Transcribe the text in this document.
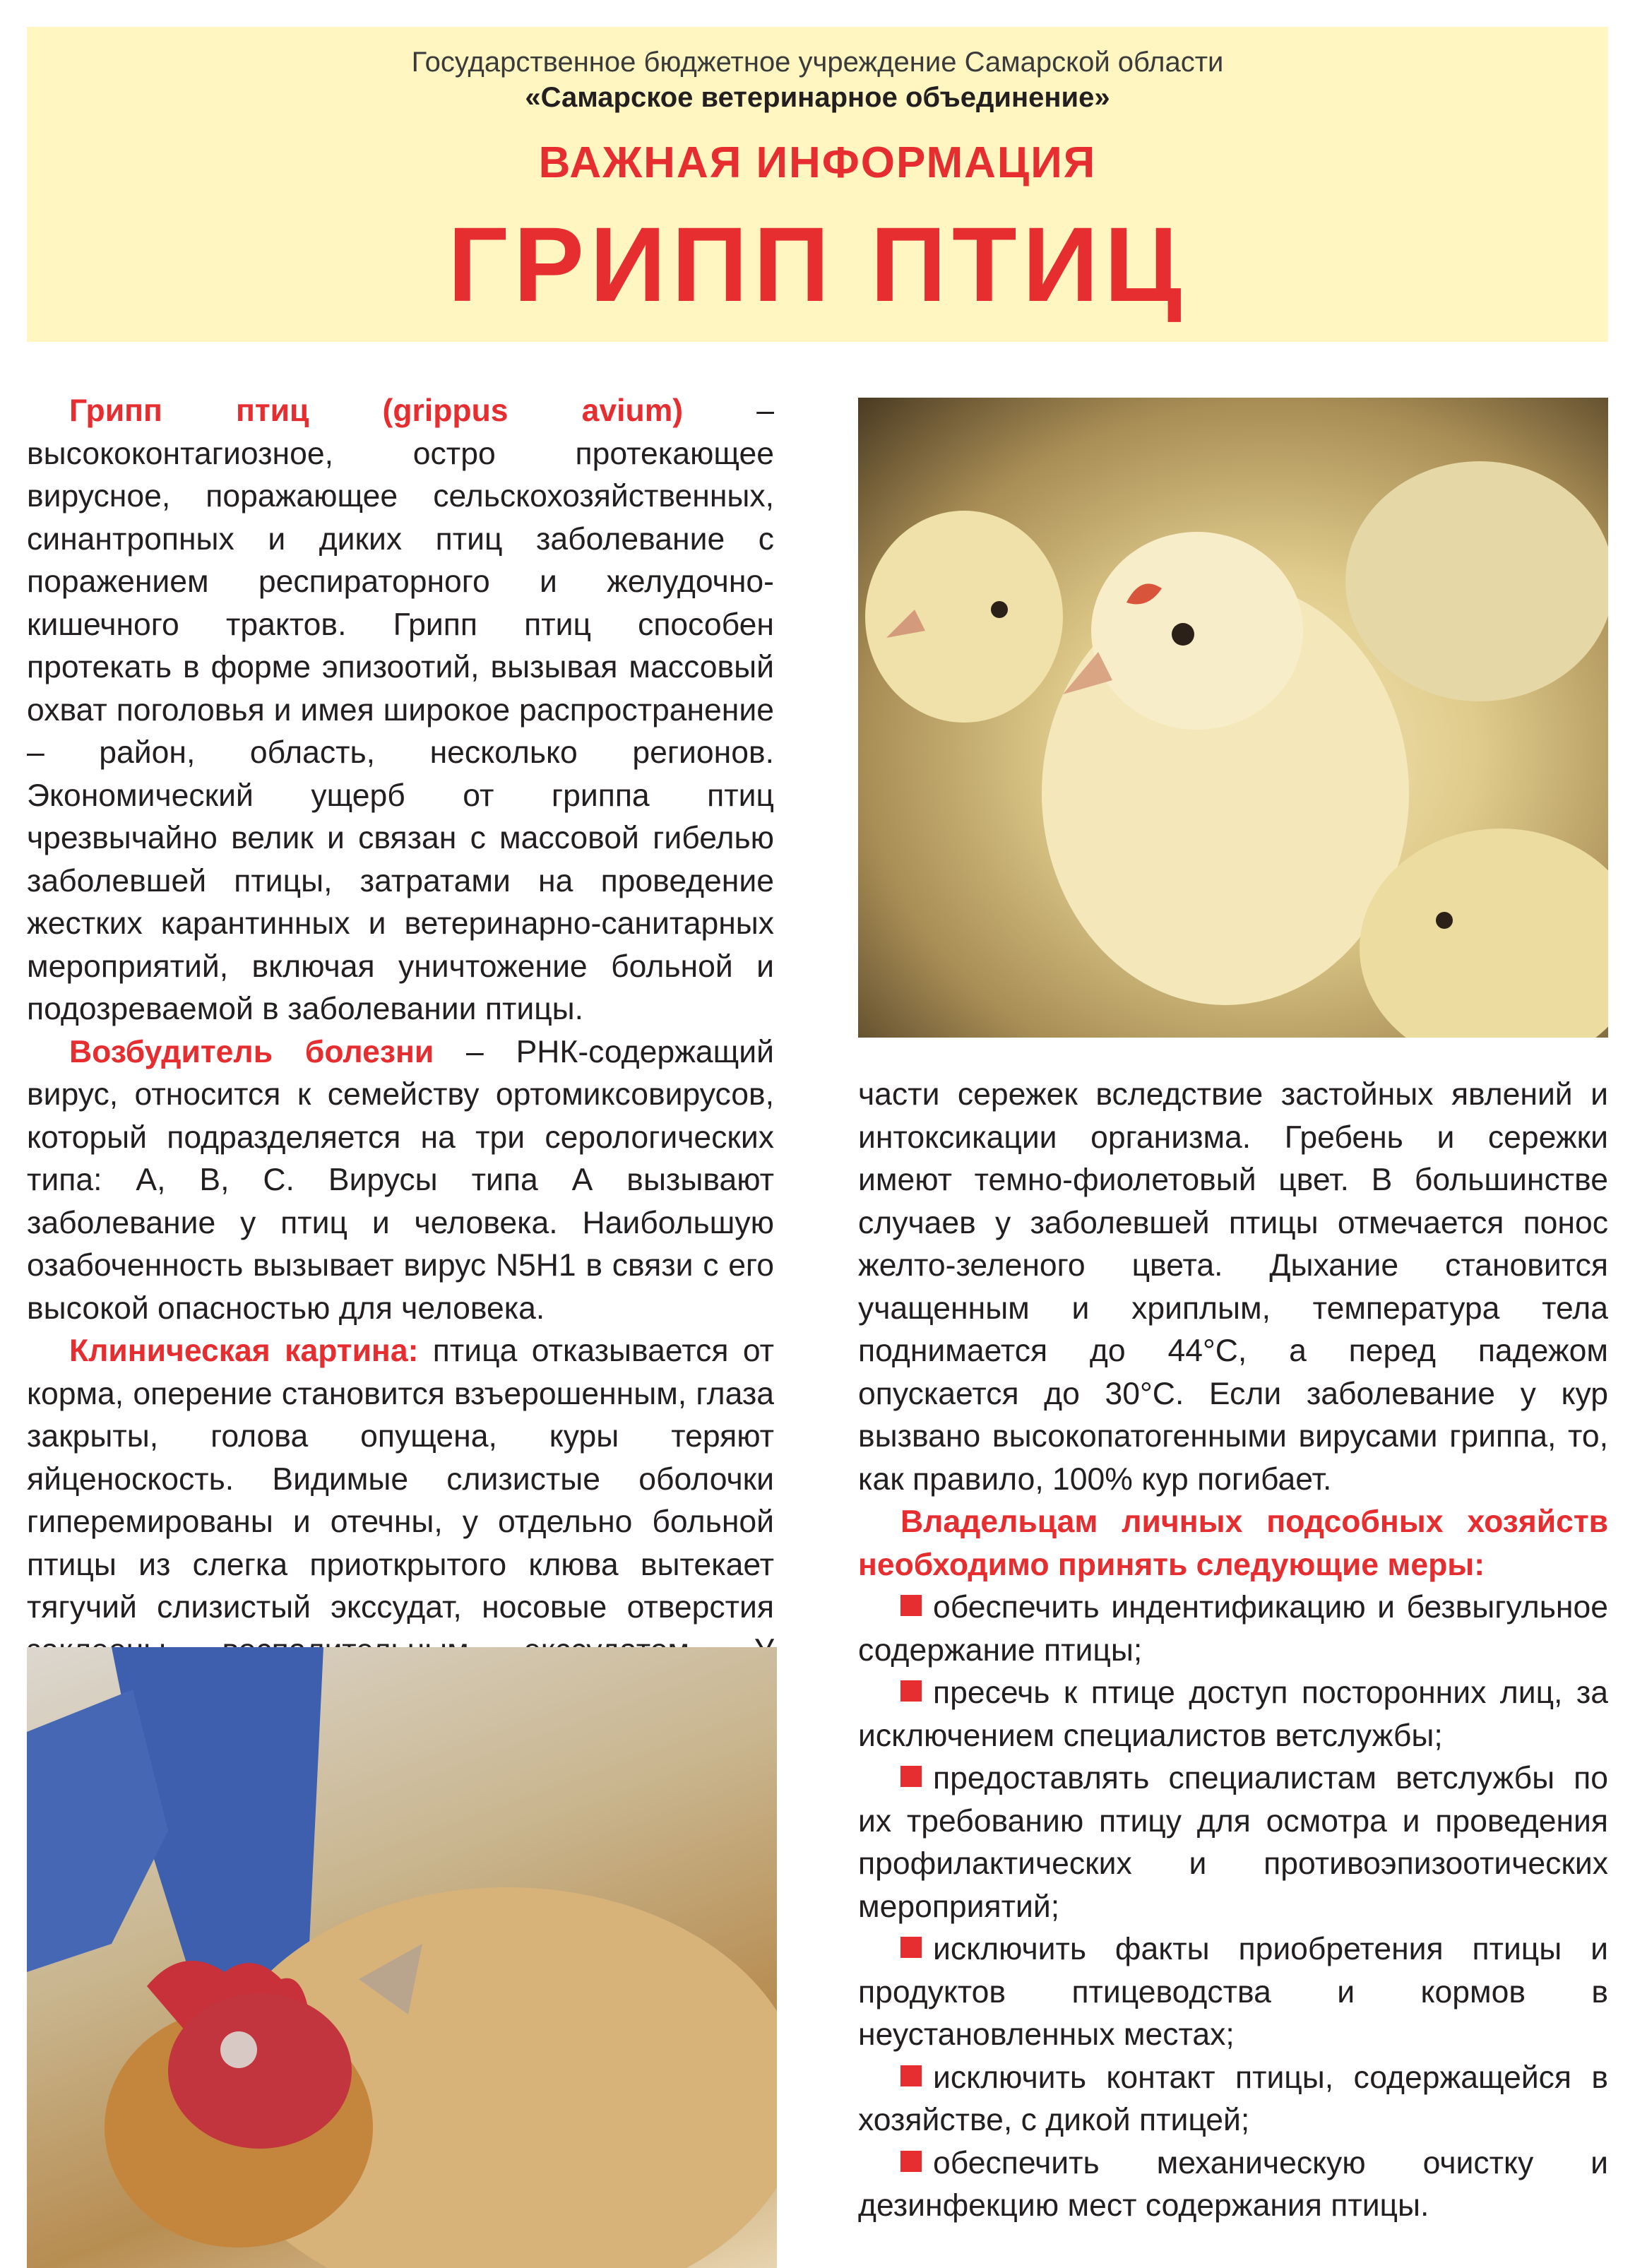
Государственное бюджетное учреждение Самарской области

«Самарское ветеринарное объединение»

ВАЖНАЯ ИНФОРМАЦИЯ

ГРИПП ПТИЦ

Грипп птиц (grippus avium) – высококонтагиозное, остро протекающее вирусное, поражающее сельскохозяйственных, синантропных и диких птиц заболевание с поражением респираторного и желудочно-кишечного трактов. Грипп птиц способен протекать в форме эпизоотий, вызывая массовый охват поголовья и имея широкое распространение – район, область, несколько регионов. Экономический ущерб от гриппа птиц чрезвычайно велик и связан с массовой гибелью заболевшей птицы, затратами на проведение жестких карантинных и ветеринарно-санитарных мероприятий, включая уничтожение больной и подозреваемой в заболевании птицы.

Возбудитель болезни – РНК-содержащий вирус, относится к семейству ортомиксовирусов, который подразделяется на три серологических типа: А, В, С. Вирусы типа А вызывают заболевание у птиц и человека. Наибольшую озабоченность вызывает вирус N5H1 в связи с его высокой опасностью для человека.

Клиническая картина: птица отказывается от корма, оперение становится взъерошенным, глаза закрыты, голова опущена, куры теряют яйценоскость. Видимые слизистые оболочки гиперемированы и отечны, у отдельно больной птицы из слегка приоткрытого клюва вытекает тягучий слизистый экссудат, носовые отверстия

части сережек вследствие застойных явлений и интоксикации организма. Гребень и сережки имеют темно-фиолетовый цвет. В большинстве случаев у заболевшей птицы отмечается понос желто-зеленого цвета. Дыхание становится учащенным и хриплым, температура тела поднимается до 44°С, а перед падежом опускается до 30°С. Если заболевание у кур вызвано высокопатогенными вирусами гриппа, то, как правило, 100% кур погибает.

Владельцам личных подсобных хозяйств необходимо принять следующие меры:

обеспечить индентификацию и безвыгульное содержание птицы;

пресечь к птице доступ посторонних лиц, за исключением специалистов ветслужбы;

предоставлять специалистам ветслужбы по их требованию птицу для осмотра и проведения профилактических и противоэпизоотических мероприятий;

исключить факты приобретения птицы и продуктов птицеводства и кормов в неустановленных местах;

исключить контакт птицы, содержащейся в хозяйстве, с дикой птицей;

обеспечить механическую очистку и дезинфекцию мест содержания птицы.
